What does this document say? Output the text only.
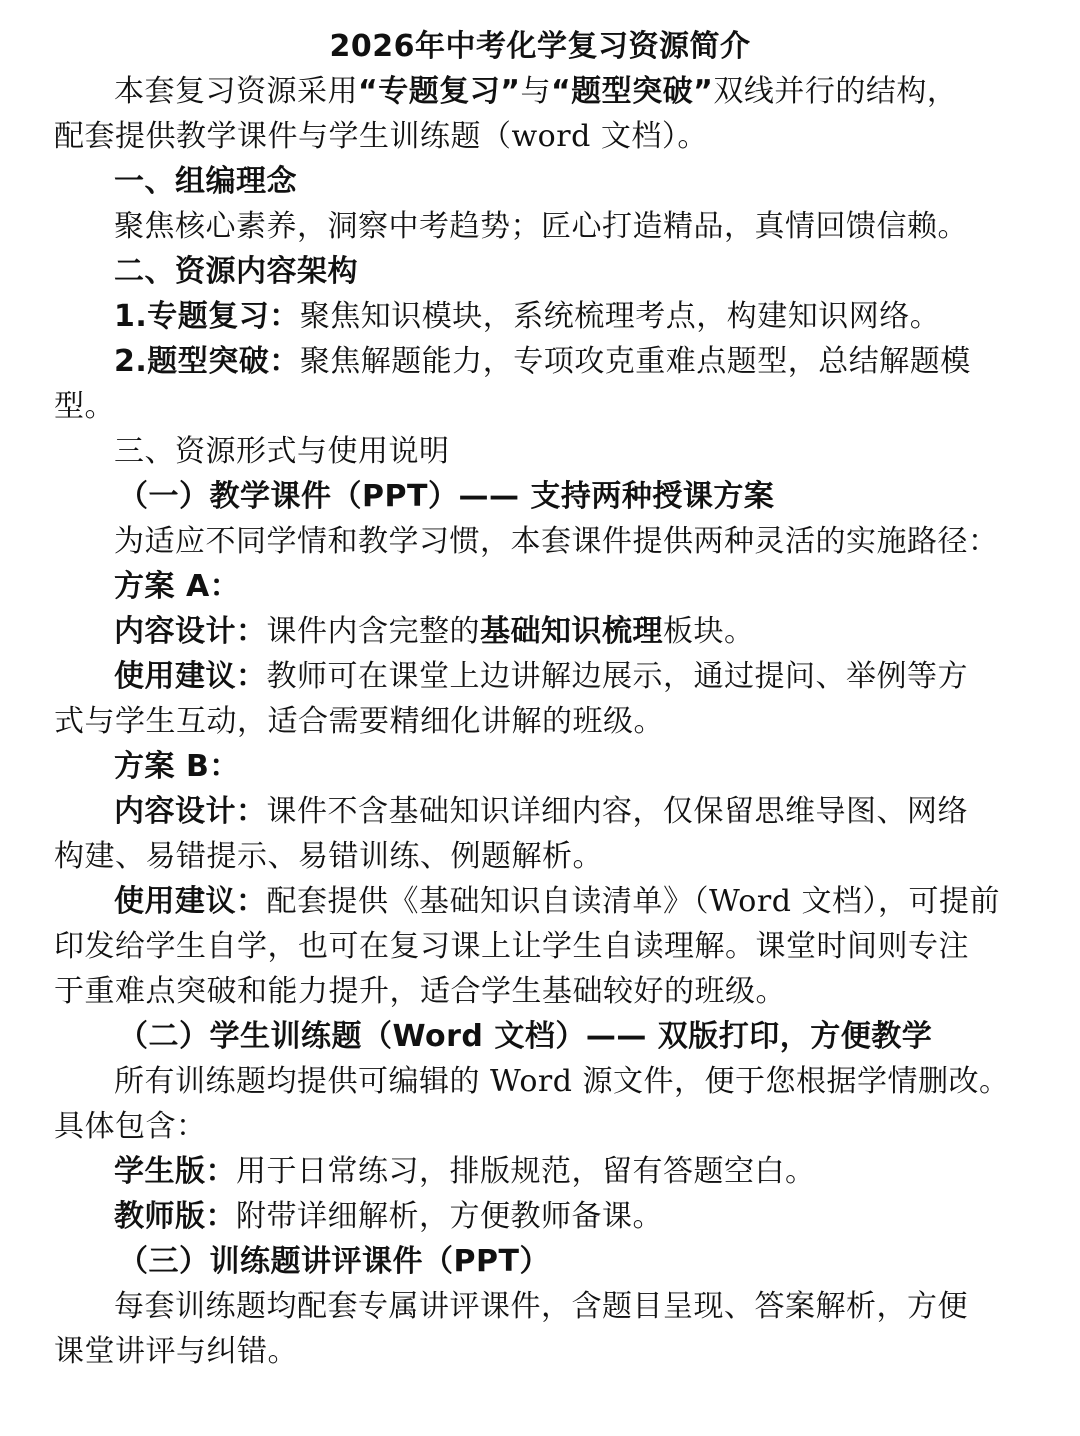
2026年中考化学复习资源简介
本套复习资源采用“专题复习”与“题型突破”双线并行的结构，
配套提供教学课件与学生训练题（word 文档）。
一、组编理念
聚焦核心素养，洞察中考趋势；匠心打造精品，真情回馈信赖。
二、资源内容架构
1.专题复习：聚焦知识模块，系统梳理考点，构建知识网络。
2.题型突破：聚焦解题能力，专项攻克重难点题型，总结解题模
型。
三、资源形式与使用说明
（一）教学课件（PPT）—— 支持两种授课方案
为适应不同学情和教学习惯，本套课件提供两种灵活的实施路径：
方案 A：
内容设计：课件内含完整的基础知识梳理板块。
使用建议：教师可在课堂上边讲解边展示，通过提问、举例等方
式与学生互动，适合需要精细化讲解的班级。
方案 B：
内容设计：课件不含基础知识详细内容，仅保留思维导图、网络
构建、易错提示、易错训练、例题解析。
使用建议：配套提供《基础知识自读清单》（Word 文档），可提前
印发给学生自学，也可在复习课上让学生自读理解。课堂时间则专注
于重难点突破和能力提升，适合学生基础较好的班级。
（二）学生训练题（Word 文档）—— 双版打印，方便教学
所有训练题均提供可编辑的 Word 源文件，便于您根据学情删改。
具体包含：
学生版：用于日常练习，排版规范，留有答题空白。
教师版：附带详细解析，方便教师备课。
（三）训练题讲评课件（PPT）
每套训练题均配套专属讲评课件，含题目呈现、答案解析，方便
课堂讲评与纠错。
